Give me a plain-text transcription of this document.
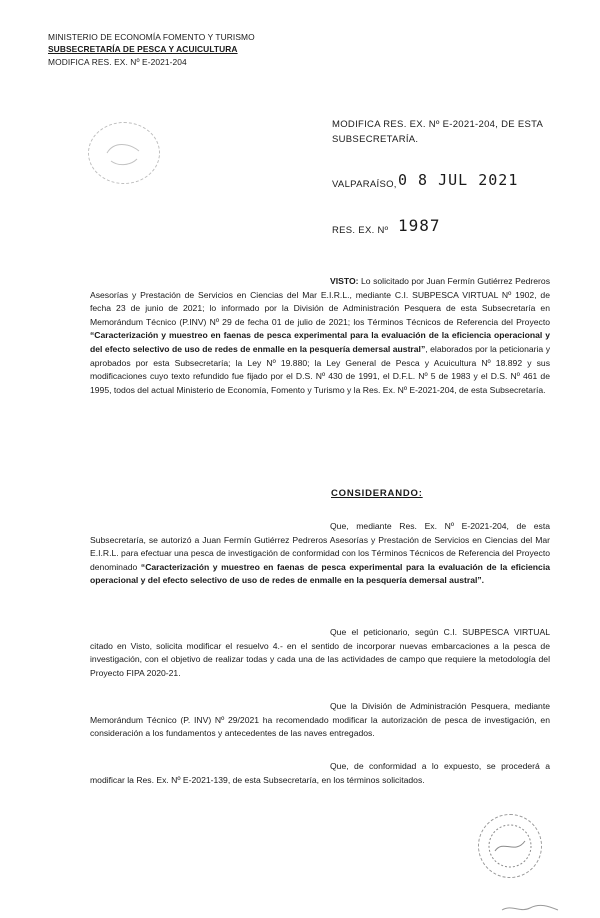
MINISTERIO DE ECONOMÍA FOMENTO Y TURISMO
SUBSECRETARÍA DE PESCA Y ACUICULTURA
MODIFICA RES. EX. Nº E-2021-204
MODIFICA RES. EX. Nº E-2021-204, DE ESTA
SUBSECRETARÍA.
VALPARAÍSO, 0 8 JUL 2021
RES. EX. Nº 1987
VISTO: Lo solicitado por Juan Fermín Gutiérrez Pedreros Asesorías y Prestación de Servicios en Ciencias del Mar E.I.R.L., mediante C.I. SUBPESCA VIRTUAL Nº 1902, de fecha 23 de junio de 2021; lo informado por la División de Administración Pesquera de esta Subsecretaría en Memorándum Técnico (P.INV) Nº 29 de fecha 01 de julio de 2021; los Términos Técnicos de Referencia del Proyecto “Caracterización y muestreo en faenas de pesca experimental para la evaluación de la eficiencia operacional y del efecto selectivo de uso de redes de enmalle en la pesquería demersal austral”, elaborados por la peticionaria y aprobados por esta Subsecretaría; la Ley Nº 19.880; la Ley General de Pesca y Acuicultura Nº 18.892 y sus modificaciones cuyo texto refundido fue fijado por el D.S. Nº 430 de 1991, el D.F.L. Nº 5 de 1983 y el D.S. Nº 461 de 1995, todos del actual Ministerio de Economía, Fomento y Turismo y la Res. Ex. Nº E-2021-204, de esta Subsecretaría.
CONSIDERANDO:
Que, mediante Res. Ex. Nº E-2021-204, de esta Subsecretaría, se autorizó a Juan Fermín Gutiérrez Pedreros Asesorías y Prestación de Servicios en Ciencias del Mar E.I.R.L. para efectuar una pesca de investigación de conformidad con los Términos Técnicos de Referencia del Proyecto denominado “Caracterización y muestreo en faenas de pesca experimental para la evaluación de la eficiencia operacional y del efecto selectivo de uso de redes de enmalle en la pesquería demersal austral”.
Que el peticionario, según C.I. SUBPESCA VIRTUAL citado en Visto, solicita modificar el resuelvo 4.- en el sentido de incorporar nuevas embarcaciones a la pesca de investigación, con el objetivo de realizar todas y cada una de las actividades de campo que requiere la metodología del Proyecto FIPA 2020-21.
Que la División de Administración Pesquera, mediante Memorándum Técnico (P. INV) Nº 29/2021 ha recomendado modificar la autorización de pesca de investigación, en consideración a los fundamentos y antecedentes de las naves entregados.
Que, de conformidad a lo expuesto, se procederá a modificar la Res. Ex. Nº E-2021-139, de esta Subsecretaría, en los términos solicitados.
